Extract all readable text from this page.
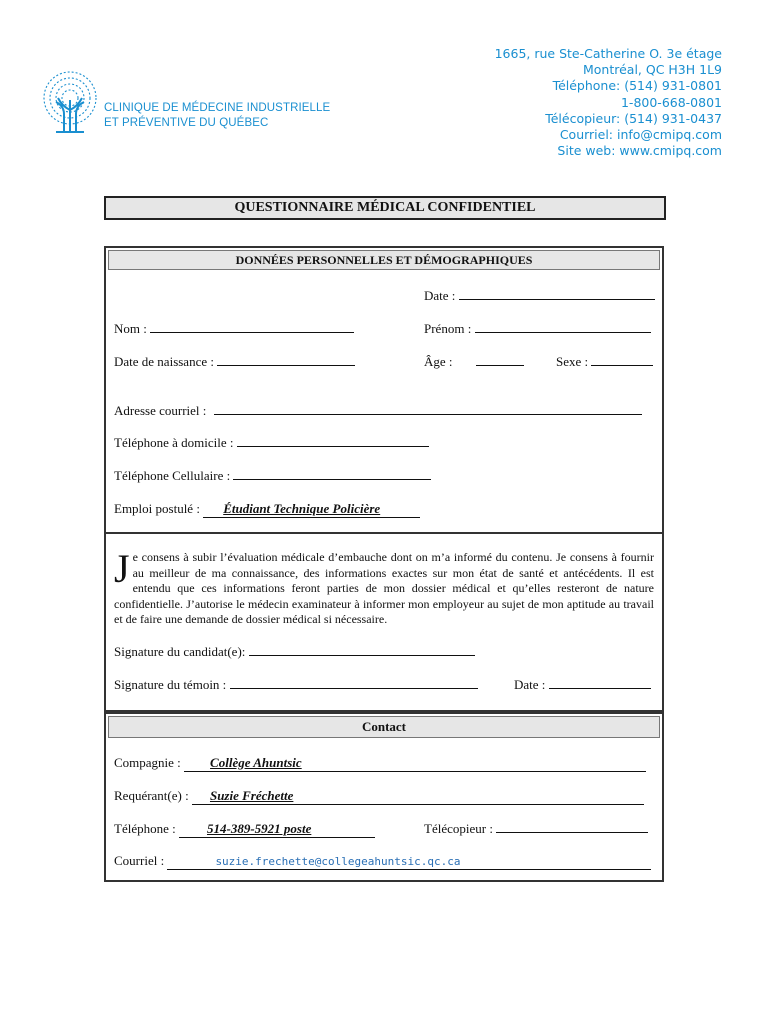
CLINIQUE DE MÉDECINE INDUSTRIELLE
ET PRÉVENTIVE DU QUÉBEC
1665, rue Ste-Catherine O. 3e étage
Montréal, QC H3H 1L9
Téléphone: (514) 931-0801
1-800-668-0801
Télécopieur: (514) 931-0437
Courriel: info@cmipq.com
Site web: www.cmipq.com
QUESTIONNAIRE MÉDICAL CONFIDENTIEL
DONNÉES PERSONNELLES ET DÉMOGRAPHIQUES
Date :
Nom :	Prénom :
Date de naissance :	Âge :	Sexe :
Adresse courriel :
Téléphone à domicile :
Téléphone Cellulaire :
Emploi postulé : Étudiant Technique Policière
Je consens à subir l’évaluation médicale d’embauche dont on m’a informé du contenu. Je consens à fournir au meilleur de ma connaissance, des informations exactes sur mon état de santé et antécédents. Il est entendu que ces informations feront parties de mon dossier médical et qu’elles resteront de nature confidentielle. J’autorise le médecin examinateur à informer mon employeur au sujet de mon aptitude au travail et de faire une demande de dossier médical si nécessaire.
Signature du candidat(e):
Signature du témoin :	Date :
Contact
Compagnie : Collège Ahuntsic
Requérant(e) : Suzie Fréchette
Téléphone : 514-389-5921 poste	Télécopieur :
Courriel :	suzie.frechette@collegeahuntsic.qc.ca
